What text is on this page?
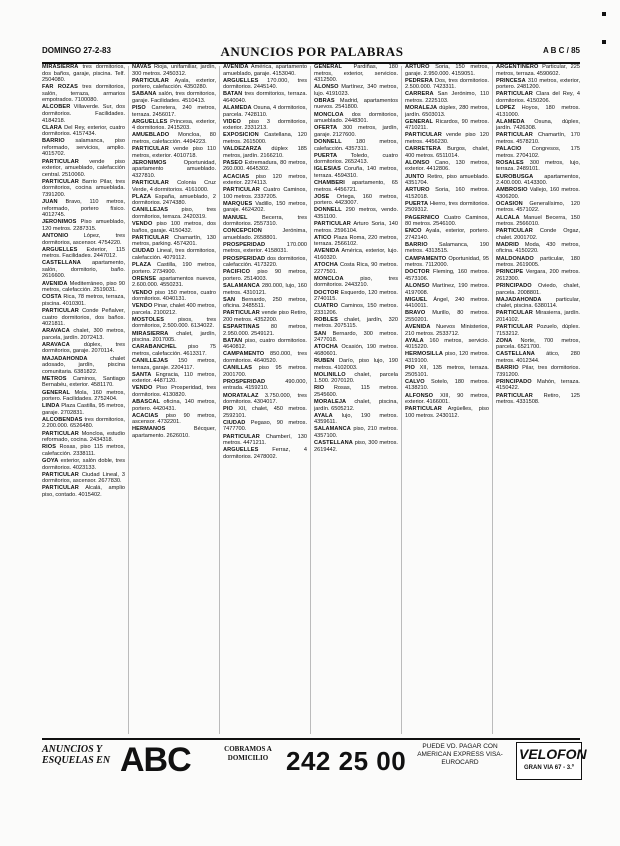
DOMINGO 27-2-83	ANUNCIOS POR PALABRAS	A B C / 85

MIRASIERRA tres dormitorios, dos baños, garaje, piscina. Telf. 2504080.

FAR ROZAS tres dormitorios, salón, terraza, armarios empotrados. 7100080.

ALCOBER Villaverde. Sur, dos dormitorios. Facilidades. 4184218.

CLARA Del Rey, exterior, cuatro dormitorios. 4157434.

BARRIO salamanca, piso reformado, servicios, amplio. 4015702.

PARTICULAR vende piso exterior, amueblado, calefacción central. 2510060.

PARTICULAR Barrio Pilar, tres dormitorios, cocina amueblada. 7391200.

JUAN Bravo, 110 metros, reformado, portero físico. 4012745.

JERONIMOS Piso amueblado, 120 metros. 2287315.

ANTONIO	López, tres dormitorios, ascensor. 4754220.

ARGUELLES Exterior, 115 metros. Facilidades. 2447012.

CASTELLANA apartamento, salón, dormitorio, baño. 2616600.

AVENIDA Mediterráneo, piso 90 metros, calefacción. 2519031.

COSTA Rica, 78 metros, terraza, piscina. 4010301.

PARTICULAR Conde Peñalver, cuatro dormitorios, dos baños. 4021811.

ARAVACA chalet, 300 metros, parcela, jardín. 2072413.

ARAVACA dúplex, tres dormitorios, garaje. 2070114.

MAJADAHONDA	chalet adosado, jardín, piscina comunitaria. 6381822.

METROS Caminos, Santiago Bernabéu, exterior. 4581170.

GENERAL Mola, 160 metros, portero. Facilidades. 2752404.

LINDA Plaza Castilla, 95 metros, garaje. 2702831.

ALCOBENDAS tres dormitorios, 2.200.000. 6526480.

PARTICULAR Moncloa, estudio reformado, cocina. 2434318.

RIOS Rosas, piso 115 metros, calefacción. 2338111.

GOYA exterior, salón doble, tres dormitorios. 4023133.

PARTICULAR Ciudad Lineal, 3 dormitorios, ascensor. 2677830.

PARTICULAR Alcalá, amplio piso, contado. 4015402.

NAVAS Rioja, unifamiliar, jardín, 300 metros. 2450312.

PARTICULAR Ayala, exterior, portero, calefacción. 4350280.

SABANA salón, tres dormitorios, garaje. Facilidades. 4510413.

PISO Carretera, 240 metros, terraza. 2456017.

ARGUELLES Princesa, exterior, 4 dormitorios. 2415203.

AMUEBLADO Moncloa, 80 metros, calefacción. 4494223.

PARTICULAR vende piso 110 metros, exterior. 4010718.

JERONIMOS	Oportunidad, apartamento amueblado. 4327810.

PARTICULAR Colonia Cruz Verde, 4 dormitorios. 4161000.

PLAZA España, amueblado, 2 dormitorios. 2474380.

CANILLEJAS piso, tres dormitorios, terraza. 2420319.

VENDO piso 100 metros, dos baños, garaje. 4150432.

PARTICULAR Chamartín, 130 metros, parking. 4574201.

CIUDAD Lineal, tres dormitorios, calefacción. 4079112.

PLAZA Castilla, 190 metros, portero. 2734900.

ORENSE apartamentos nuevos, 2.600.000. 4550231.

VENDO piso 150 metros, cuatro dormitorios. 4040131.

VENDO Pinar, chalet 400 metros, parcela. 2100212.

MOSTOLES pisos, tres dormitorios, 2.500.000. 6134022.

MIRASIERRA chalet, jardín, piscina. 2017005.

CARABANCHEL piso 75 metros, calefacción. 4613317.

CANILLEJAS 150 metros, terraza, garaje. 2204117.

SANTA Engracia, 110 metros, exterior. 4487120.

VENDO Piso Prosperidad, tres dormitorios. 4130820.

ABASCAL oficina, 140 metros, portero. 4420431.

ACACIAS piso 90 metros, ascensor. 4732201.

HERMANOS	Bécquer, apartamento. 2626010.

AVENIDA América, apartamento amueblado, garaje. 4153040.

ARGUELLES 170.000, tres dormitorios. 2445140.

BATAN tres dormitorios, terraza. 4640040.

ALAMEDA Osuna, 4 dormitorios, parcela. 7428110.

VIDEO piso 3 dormitorios, exterior. 2331213.

EXPOSICION Castellana, 120 metros. 2615000.

VALDEZARZA dúplex 185 metros, jardín. 2166210.

PASEO Extremadura, 80 metros, 260.000. 4645302.

ACACIAS piso 120 metros, exterior. 2274113.

PARTICULAR Cuatro Caminos, 100 metros. 2337205.

MARQUES Vadillo, 150 metros, garaje. 4624202.

MANUEL	Becerra, tres dormitorios. 2557310.

CONCEPCION	Jerónima, amueblado. 2658801.

PROSPERIDAD	170.000 metros, exterior. 4158031.

PROSPERIDAD dos dormitorios, calefacción. 4173220.

PACIFICO piso 90 metros, portero. 2514003.

SALAMANCA 280.000, lujo, 160 metros. 4310121.

SAN Bernardo, 250 metros, oficina. 2485511.

PARTICULAR vende piso Retiro, 200 metros. 4352200.

ESPARTINAS 80 metros, 2.950.000. 2549121.

BATAN piso, cuatro dormitorios. 4640812.

CAMPAMENTO 850.000, tres dormitorios. 4640520.

CANILLAS piso 95 metros. 2001700.

PROSPERIDAD	490.000, entrada. 4159210.

MORATALAZ 3.750.000, tres dormitorios. 4304017.

PIO XII, chalet, 450 metros. 2592101.

CIUDAD Pegaso, 90 metros. 7477700.

PARTICULAR Chamberí, 130 metros. 4471211.

ARGUELLES Ferraz, 4 dormitorios. 2478002.

GENERAL Pardiñas, 180 metros, exterior, servicios. 4312500.

ALONSO Martínez, 340 metros, lujo. 4191023.

OBRAS Madrid, apartamentos nuevos. 2541800.

MONCLOA dos dormitorios, amueblado. 2448301.

OFERTA 300 metros, jardín, garaje. 2127600.

DONNELL	180 metros, calefacción. 4357311.

PUERTA Toledo, cuatro dormitorios. 2652413.

IGLESIAS Coruña, 140 metros, terraza. 4594310.

CHAMBERI apartamento, 65 metros. 4456721.

JOSE Ortega, 160 metros, portero. 4423007.

DONNELL 290 metros, vendo. 4351100.

PARTICULAR Arturo Soria, 140 metros. 2596104.

ATICO Plaza Roma, 220 metros, terraza. 2566102.

AVENIDA América, exterior, lujo. 4160320.

ATOCHA Costa Rica, 90 metros. 2277501.

MONCLOA	piso, tres dormitorios. 2443210.

DOCTOR Esquerdo, 120 metros. 2740115.

CUATRO Caminos, 150 metros. 2331206.

ROBLES chalet, jardín, 320 metros. 2075115.

SAN Bernardo, 300 metros. 2477018.

ATOCHA Ocasión, 190 metros. 4680601.

RUBEN Darío, piso lujo, 190 metros. 4102003.

MOLINILLO chalet, parcela 1.500. 2070120.

RIO Rosas, 115 metros. 2545600.

MORALEJA chalet, piscina, jardín. 6505212.

AYALA lujo, 190 metros. 4359611.

SALAMANCA piso, 210 metros. 4357100.

CASTELLANA piso, 300 metros. 2619442.

ARTURO Soria, 150 metros, garaje. 2.950.000. 4159051.

PEDRERA Dos, tres dormitorios. 2.500.000. 7423311.

CARRERA San Jerónimo, 110 metros. 2225103.

MORALEJA dúplex, 280 metros, jardín. 6503013.

GENERAL Ricardos, 90 metros. 4710211.

PARTICULAR vende piso 120 metros. 4456230.

CARRETERA Burgos, chalet, 400 metros. 6511014.

ALONSO Cano, 130 metros, exterior. 4412806.

JUNTO Retiro, piso amueblado. 4351704.

ARTURO Soria, 160 metros. 4152018.

PUERTA Hierro, tres dormitorios. 2509312.

PAGERNICO Cuatro Caminos, 80 metros. 2546100.

ENCO Ayala, exterior, portero. 2742140.

BARRIO Salamanca, 190 metros. 4313515.

CAMPAMENTO Oportunidad, 95 metros. 7112000.

DOCTOR Fleming, 160 metros. 4573106.

ALONSO Martínez, 190 metros. 4197008.

MIGUEL Ángel, 240 metros. 4410011.

BRAVO Murillo, 80 metros. 2550201.

AVENIDA Nuevos Ministerios, 210 metros. 2533712.

AYALA 160 metros, servicio. 4015220.

HERMOSILLA piso, 120 metros. 4319100.

PIO XII, 135 metros, terraza. 2505101.

CALVO Sotelo, 180 metros. 4138210.

ALFONSO XIII, 90 metros, exterior. 4166001.

PARTICULAR Argüelles, piso 100 metros. 2430112.

ARGENTINERO Particular, 225 metros, terraza. 4590602.

PRINCESA 310 metros, exterior, portero. 2481200.

PARTICULAR Clara del Rey, 4 dormitorios. 4150206.

LOPEZ Hoyos, 180 metros. 4131000.

ALAMEDA Osuna, dúplex, jardín. 7426308.

PARTICULAR Chamartín, 170 metros. 4578210.

PALACIO Congresos, 175 metros. 2704102.

ROSALES 300 metros, lujo, terraza. 2489101.

EUROBUSGA apartamentos, 2.400.000. 4143300.

AMBROSIO Vallejo, 160 metros. 4306200.

OCASION Generalísimo, 120 metros. 4571022.

ALCALA Manuel Becerra, 150 metros. 2566010.

PARTICULAR Conde Orgaz, chalet. 2001702.

MADRID Moda, 430 metros, oficina. 4150220.

MALDONADO particular, 180 metros. 2619005.

PRINCIPE Vergara, 200 metros. 2612300.

PRINCIPADO Oviedo, chalet, parcela. 2008801.

MAJADAHONDA	particular, chalet, piscina. 6380114.

PARTICULAR Mirasierra, jardín. 2014102.

PARTICULAR Pozuelo, dúplex. 7153212.

ZONA Norte, 700 metros, parcela. 6521700.

CASTELLANA ático, 280 metros. 4012344.

BARRIO Pilar, tres dormitorios. 7391200.

PRINCIPADO Mahón, terraza. 4150422.

PARTICULAR Retiro, 125 metros. 4331508.

ANUNCIOS Y ESQUELAS EN ABC	COBRAMOS A DOMICILIO 242 25 00	PUEDE VD. PAGAR CON AMERICAN EXPRESS VISA-EUROCARD
VELOFON
GRAN VIA 67 - 3.º
